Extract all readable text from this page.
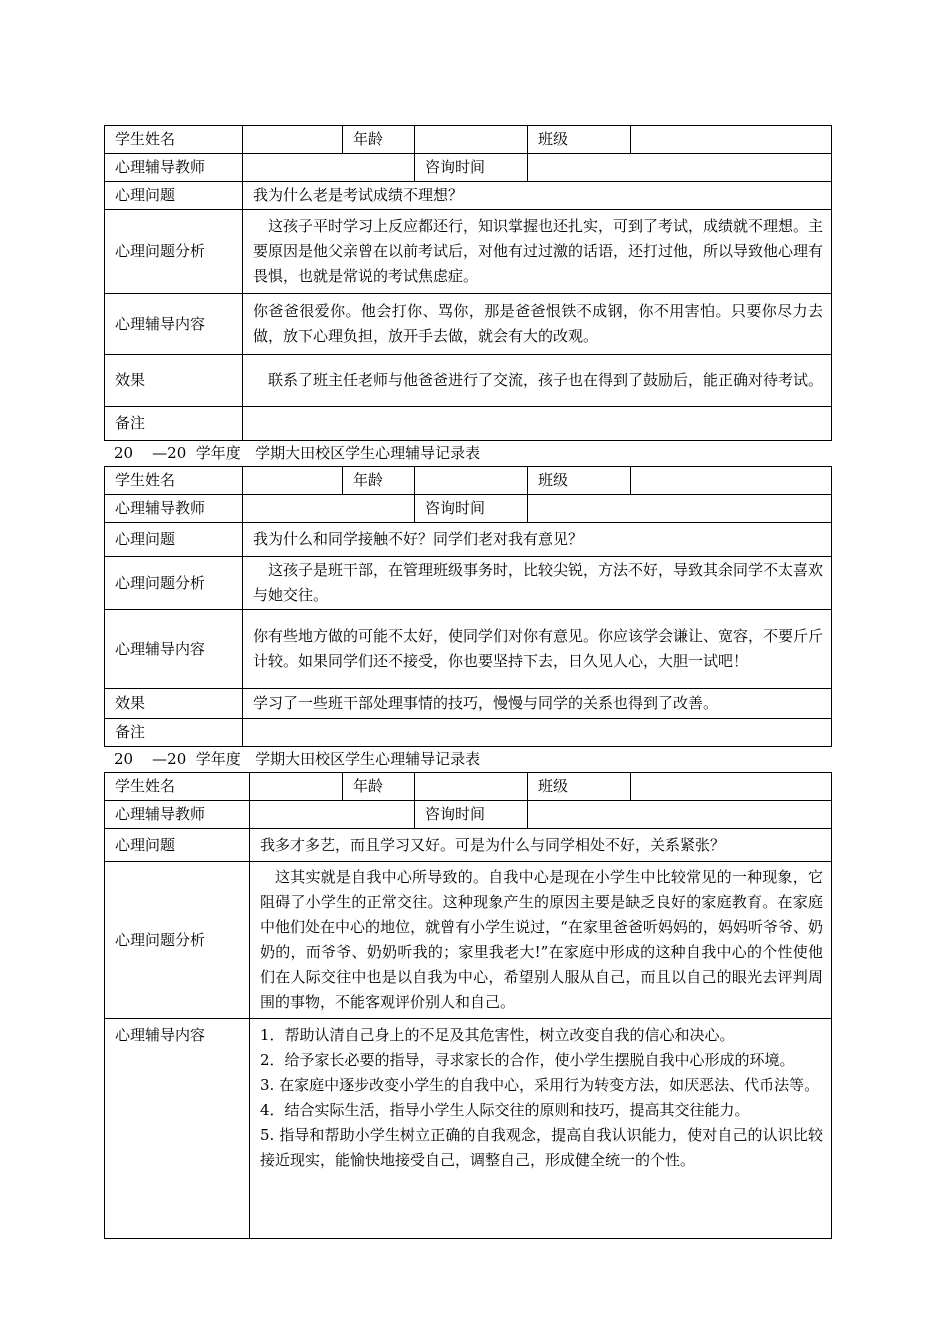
学生姓名		年龄		班级	
心理辅导教师			咨询时间		
心理问题	我为什么老是考试成绩不理想？				
心理问题分析	这孩子平时学习上反应都还行，知识掌握也还扎实，可到了考试，成绩就不理想。主要原因是他父亲曾在以前考试后，对他有过过激的话语，还打过他，所以导致他心理有畏惧，也就是常说的考试焦虑症。				
心理辅导内容	你爸爸很爱你。他会打你、骂你，那是爸爸恨铁不成钢，你不用害怕。只要你尽力去做，放下心理负担，放开手去做，就会有大的改观。				
效果	联系了班主任老师与他爸爸进行了交流，孩子也在得到了鼓励后，能正确对待考试。				
备注					
20    —20  学年度   学期大田校区学生心理辅导记录表
学生姓名		年龄		班级	
心理辅导教师			咨询时间		
心理问题	我为什么和同学接触不好？同学们老对我有意见？				
心理问题分析	这孩子是班干部，在管理班级事务时，比较尖锐，方法不好，导致其余同学不太喜欢与她交往。				
心理辅导内容	你有些地方做的可能不太好，使同学们对你有意见。你应该学会谦让、宽容，不要斤斤计较。如果同学们还不接受，你也要坚持下去，日久见人心，大胆一试吧！				
效果	学习了一些班干部处理事情的技巧，慢慢与同学的关系也得到了改善。				
备注					
20    —20  学年度   学期大田校区学生心理辅导记录表
学生姓名		年龄		班级	
心理辅导教师			咨询时间		
心理问题	我多才多艺，而且学习又好。可是为什么与同学相处不好，关系紧张？				
心理问题分析	这其实就是自我中心所导致的。自我中心是现在小学生中比较常见的一种现象，它阻碍了小学生的正常交往。这种现象产生的原因主要是缺乏良好的家庭教育。在家庭中他们处在中心的地位，就曾有小学生说过，“在家里爸爸听妈妈的，妈妈听爷爷、奶奶的，而爷爷、奶奶听我的；家里我老大!”在家庭中形成的这种自我中心的个性使他们在人际交往中也是以自我为中心，希望别人服从自己，而且以自己的眼光去评判周围的事物，不能客观评价别人和自己。				
心理辅导内容	1．帮助认清自己身上的不足及其危害性，树立改变自我的信心和决心。
2．给予家长必要的指导，寻求家长的合作，使小学生摆脱自我中心形成的环境。
3. 在家庭中逐步改变小学生的自我中心，采用行为转变方法，如厌恶法、代币法等。
4．结合实际生活，指导小学生人际交往的原则和技巧，提高其交往能力。
5. 指导和帮助小学生树立正确的自我观念，提高自我认识能力，使对自己的认识比较接近现实，能愉快地接受自己，调整自己，形成健全统一的个性。				
